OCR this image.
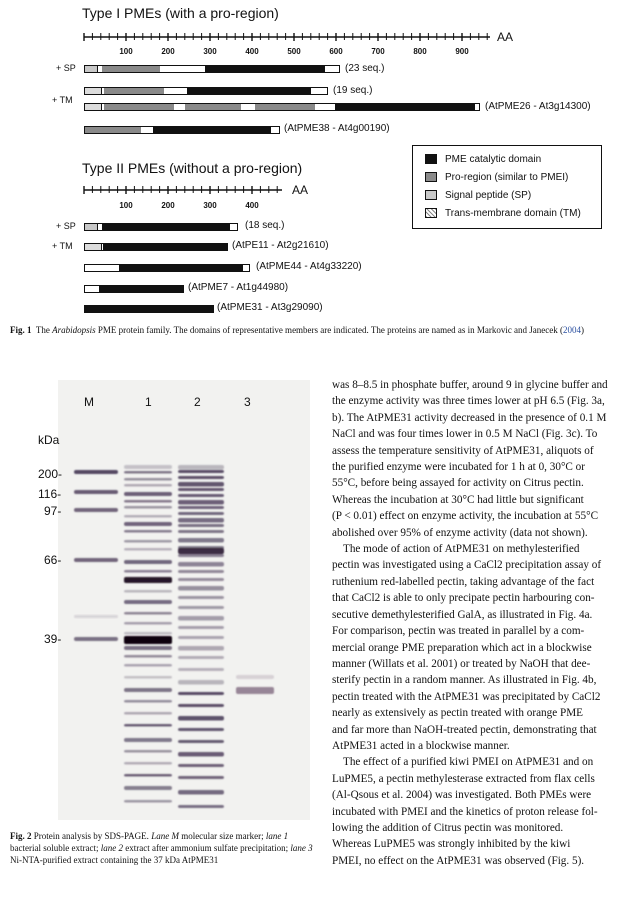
Type I PMEs (with a pro-region)
AA
AA
100	200	300	400	500	600	700	800	900
+ SP	(23 seq.)
+ TM
(19 seq.)
(AtPME26 - At3g14300)
(AtPME38 - At4g00190)
Type II PMEs (without a pro-region)
100	200	300	400
+ SP	(18 seq.)
+ TM	(AtPE11 - At2g21610)
(AtPME44 - At4g33220)
(AtPME7 - At1g44980)
(AtPME31 - At3g29090)
PME catalytic domain
Pro-region (similar to PMEI)
Signal peptide (SP)
Trans-membrane domain (TM)
Fig. 1 The Arabidopsis PME protein family. The domains of representative members are indicated. The proteins are named as in Markovic and Janecek (2004)
M	1	2	3
kDa
200-
116-
97-
66-
39-
Fig. 2 Protein analysis by SDS-PAGE. Lane M molecular size marker; lane 1 bacterial soluble extract; lane 2 extract after ammonium sulfate precipitation; lane 3 Ni-NTA-purified extract containing the 37 kDa AtPME31
was 8–8.5 in phosphate buffer, around 9 in glycine buffer and
the enzyme activity was three times lower at pH 6.5 (Fig. 3a,
b). The AtPME31 activity decreased in the presence of 0.1 M
NaCl and was four times lower in 0.5 M NaCl (Fig. 3c). To
assess the temperature sensitivity of AtPME31, aliquots of
the purified enzyme were incubated for 1 h at 0, 30°C or
55°C, before being assayed for activity on Citrus pectin.
Whereas the incubation at 30°C had little but significant
(P < 0.01) effect on enzyme activity, the incubation at 55°C
abolished over 95% of enzyme activity (data not shown).
The mode of action of AtPME31 on methylesterified
pectin was investigated using a CaCl2 precipitation assay of
ruthenium red-labelled pectin, taking advantage of the fact
that CaCl2 is able to only precipate pectin harbouring con-
secutive demethylesterified GalA, as illustrated in Fig. 4a.
For comparison, pectin was treated in parallel by a com-
mercial orange PME preparation which act in a blockwise
manner (Willats et al. 2001) or treated by NaOH that dee-
sterify pectin in a random manner. As illustrated in Fig. 4b,
pectin treated with the AtPME31 was precipitated by CaCl2
nearly as extensively as pectin treated with orange PME
and far more than NaOH-treated pectin, demonstrating that
AtPME31 acted in a blockwise manner.
The effect of a purified kiwi PMEI on AtPME31 and on
LuPME5, a pectin methylesterase extracted from flax cells
(Al-Qsous et al. 2004) was investigated. Both PMEs were
incubated with PMEI and the kinetics of proton release fol-
lowing the addition of Citrus pectin was monitored.
Whereas LuPME5 was strongly inhibited by the kiwi
PMEI, no effect on the AtPME31 was observed (Fig. 5).
